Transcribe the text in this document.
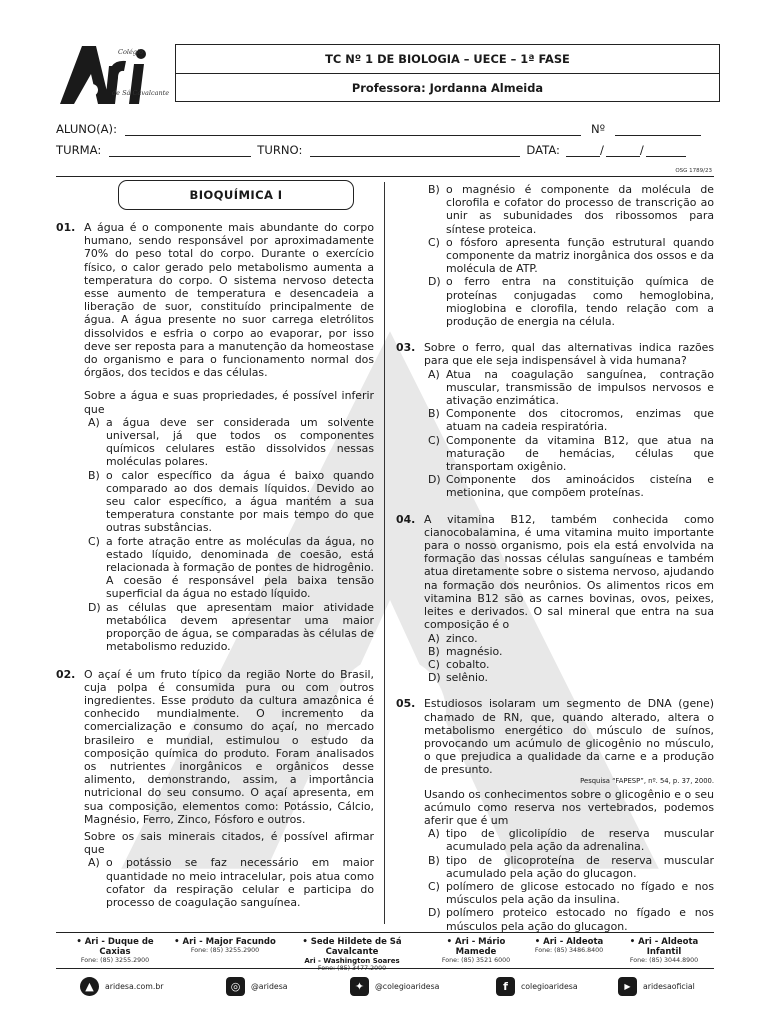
Colégio
de Sá Cavalcante
TC Nº 1 DE BIOLOGIA – UECE – 1ª FASE
Professora: Jordanna Almeida
ALUNO(A):	Nº
TURMA:	TURNO:	DATA:	/	/
OSG 1789/23
BIOQUÍMICA I
01. A água é o componente mais abundante do corpo humano, sendo responsável por aproximadamente 70% do peso total do corpo. Durante o exercício físico, o calor gerado pelo metabolismo aumenta a temperatura do corpo. O sistema nervoso detecta esse aumento de temperatura e desencadeia a liberação de suor, constituído principalmente de água. A água presente no suor carrega eletrólitos dissolvidos e esfria o corpo ao evaporar, por isso deve ser reposta para a manutenção da homeostase do organismo e para o funcionamento normal dos órgãos, dos tecidos e das células.

Sobre a água e suas propriedades, é possível inferir que

A) a água deve ser considerada um solvente universal, já que todos os componentes químicos celulares estão dissolvidos nessas moléculas polares.

B) o calor específico da água é baixo quando comparado ao dos demais líquidos. Devido ao seu calor específico, a água mantém a sua temperatura constante por mais tempo do que outras substâncias.

C) a forte atração entre as moléculas da água, no estado líquido, denominada de coesão, está relacionada à formação de pontes de hidrogênio. A coesão é responsável pela baixa tensão superficial da água no estado líquido.

D) as células que apresentam maior atividade metabólica devem apresentar uma maior proporção de água, se comparadas às células de metabolismo reduzido.

02. O açaí é um fruto típico da região Norte do Brasil, cuja polpa é consumida pura ou com outros ingredientes. Esse produto da cultura amazônica é conhecido mundialmente. O incremento da comercialização e consumo do açaí, no mercado brasileiro e mundial, estimulou o estudo da composição química do produto. Foram analisados os nutrientes inorgânicos e orgânicos desse alimento, demonstrando, assim, a importância nutricional do seu consumo. O açaí apresenta, em sua composição, elementos como: Potássio, Cálcio, Magnésio, Ferro, Zinco, Fósforo e outros.

Sobre os sais minerais citados, é possível afirmar que

A) o potássio se faz necessário em maior quantidade no meio intracelular, pois atua como cofator da respiração celular e participa do processo de coagulação sanguínea.

B) o magnésio é componente da molécula de clorofila e cofator do processo de transcrição ao unir as subunidades dos ribossomos para síntese proteica.

C) o fósforo apresenta função estrutural quando componente da matriz inorgânica dos ossos e da molécula de ATP.

D) o ferro entra na constituição química de proteínas conjugadas como hemoglobina, mioglobina e clorofila, tendo relação com a produção de energia na célula.

03. Sobre o ferro, qual das alternativas indica razões para que ele seja indispensável à vida humana?

A) Atua na coagulação sanguínea, contração muscular, transmissão de impulsos nervosos e ativação enzimática.

B) Componente dos citocromos, enzimas que atuam na cadeia respiratória.

C) Componente da vitamina B12, que atua na maturação de hemácias, células que transportam oxigênio.

D) Componente dos aminoácidos cisteína e metionina, que compõem proteínas.

04. A vitamina B12, também conhecida como cianocobalamina, é uma vitamina muito importante para o nosso organismo, pois ela está envolvida na formação das nossas células sanguíneas e também atua diretamente sobre o sistema nervoso, ajudando na formação dos neurônios. Os alimentos ricos em vitamina B12 são as carnes bovinas, ovos, peixes, leites e derivados. O sal mineral que entra na sua composição é o

A) zinco.

B) magnésio.

C) cobalto.

D) selênio.

05. Estudiosos isolaram um segmento de DNA (gene) chamado de RN, que, quando alterado, altera o metabolismo energético do músculo de suínos, provocando um acúmulo de glicogênio no músculo, o que prejudica a qualidade da carne e a produção de presunto.

Pesquisa “FAPESP”, nº. 54, p. 37, 2000.

Usando os conhecimentos sobre o glicogênio e o seu acúmulo como reserva nos vertebrados, podemos aferir que é um

A) tipo de glicolipídio de reserva muscular acumulado pela ação da adrenalina.

B) tipo de glicoproteína de reserva muscular acumulado pela ação do glucagon.

C) polímero de glicose estocado no fígado e nos músculos pela ação da insulina.

D) polímero proteico estocado no fígado e nos músculos pela ação do glucagon.

• Ari - Duque de Caxias
Fone: (85) 3255.2900
• Ari - Major Facundo
Fone: (85) 3255.2900
• Sede Hildete de Sá Cavalcante
Ari - Washington Soares
Fone: (85) 3477.2000
• Ari - Mário Mamede
Fone: (85) 3521 6000
• Ari - Aldeota
Fone: (85) 3486.8400
• Ari - Aldeota Infantil
Fone: (85) 3044.8900
▲	aridesa.com.br	◎	@aridesa	✦	@colegioaridesa	f	colegioaridesa	▶	aridesaoficial
